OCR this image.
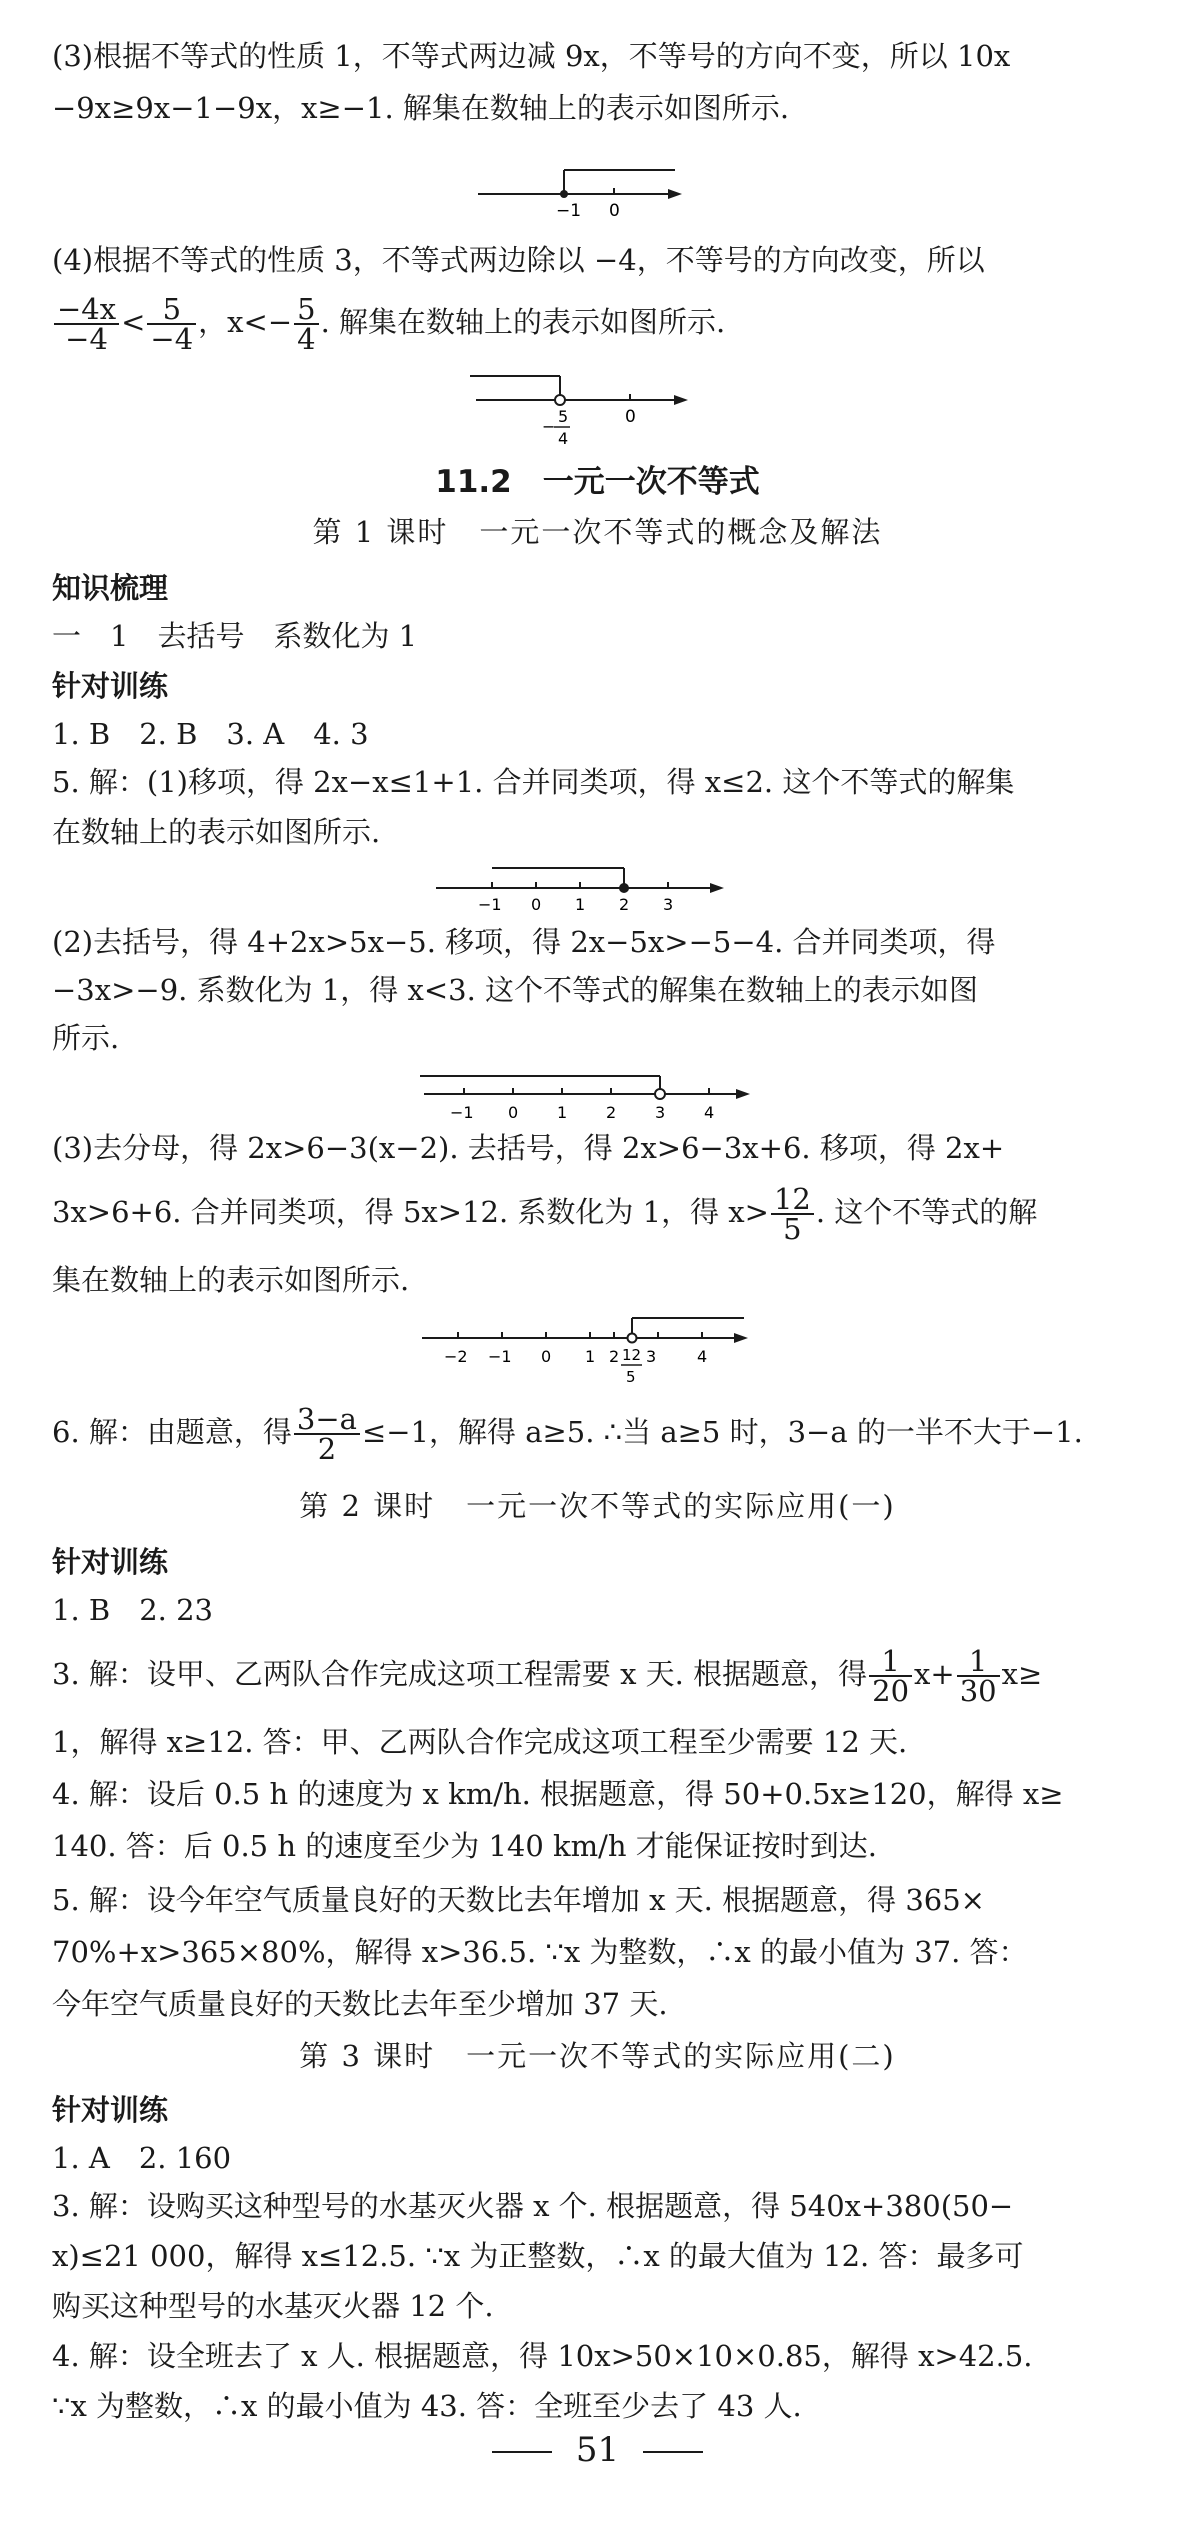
(3)根据不等式的性质 1，不等式两边减 9x，不等号的方向不变，所以 10x
−9x≥9x−1−9x，x≥−1. 解集在数轴上的表示如图所示.
−1 0
(4)根据不等式的性质 3，不等式两边除以 −4，不等号的方向改变，所以
$\frac{-4x}{-4} < \frac{5}{-4}$ ，$x<- \frac{5}{4}$ . 解集在数轴上的表示如图所示.
5
4
−	0
11.2　一元一次不等式
第 1 课时　一元一次不等式的概念及解法
知识梳理
一　1　去括号　系数化为 1
针对训练
1. B　2. B　3. A　4. 3
5. 解：(1)移项，得 2x−x≤1+1. 合并同类项，得 x≤2. 这个不等式的解集
在数轴上的表示如图所示.
−1 0 1 2 3
(2)去括号，得 4+2x>5x−5. 移项，得 2x−5x>−5−4. 合并同类项，得
−3x>−9. 系数化为 1，得 x<3. 这个不等式的解集在数轴上的表示如图
所示.
−1 0 1 2 3 4
(3)去分母，得 2x>6−3(x−2). 去括号，得 2x>6−3x+6. 移项，得 2x+
3x>6+6. 合并同类项，得 5x>12. 系数化为 1，得 $x> \frac{12}{5}$ . 这个不等式的解
集在数轴上的表示如图所示.
−2 −1 0 1 2 12
5
3	4
6. 解：由题意，得 $\frac{3-a}{2} \le-1$，解得 a≥5. ∴当 a≥5 时，3−a 的一半不大于−1.
第 2 课时　一元一次不等式的实际应用(一)
针对训练
1. B　2. 23
3. 解：设甲、乙两队合作完成这项工程需要 x 天. 根据题意，得 $\frac{1}{20} x+ \frac{1}{30} x\ge$
1，解得 x≥12. 答：甲、乙两队合作完成这项工程至少需要 12 天.
4. 解：设后 0.5 h 的速度为 x km/h. 根据题意，得 50+0.5x≥120，解得 x≥
140. 答：后 0.5 h 的速度至少为 140 km/h 才能保证按时到达.
5. 解：设今年空气质量良好的天数比去年增加 x 天. 根据题意，得 365×
70%+x>365×80%，解得 x>36.5. ∵x 为整数，∴x 的最小值为 37. 答：
今年空气质量良好的天数比去年至少增加 37 天.
第 3 课时　一元一次不等式的实际应用(二)
针对训练
1. A　2. 160
3. 解：设购买这种型号的水基灭火器 x 个. 根据题意，得 540x+380(50−
x)≤21 000，解得 x≤12.5. ∵x 为正整数，∴x 的最大值为 12. 答：最多可
购买这种型号的水基灭火器 12 个.
4. 解：设全班去了 x 人. 根据题意，得 10x>50×10×0.85，解得 x>42.5.
∵x 为整数，∴x 的最小值为 43. 答：全班至少去了 43 人.
51
